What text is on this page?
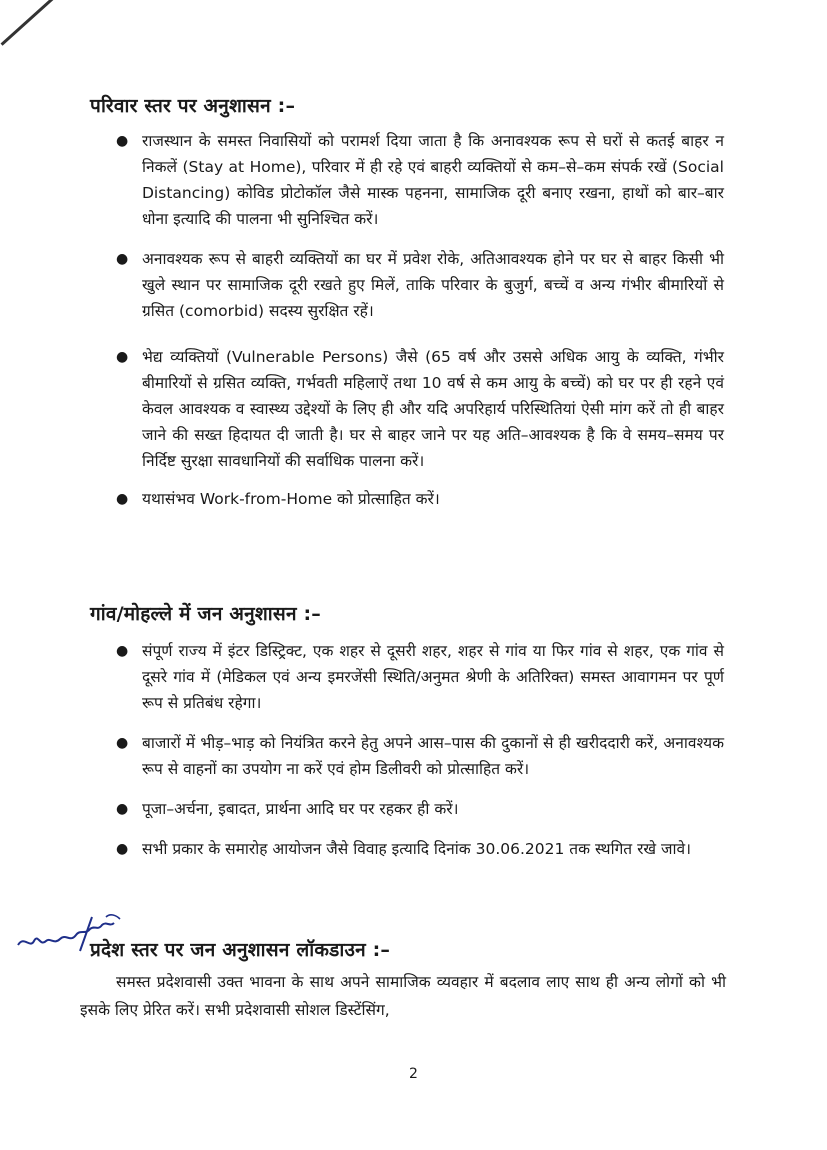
परिवार स्तर पर अनुशासन :–
● राजस्थान के समस्त निवासियों को परामर्श दिया जाता है कि अनावश्यक रूप से घरों से कतई बाहर न निकलें (Stay at Home), परिवार में ही रहे एवं बाहरी व्यक्तियों से कम–से–कम संपर्क रखें (Social Distancing) कोविड प्रोटोकॉल जैसे मास्क पहनना, सामाजिक दूरी बनाए रखना, हाथों को बार–बार धोना इत्यादि की पालना भी सुनिश्चित करें।
● अनावश्यक रूप से बाहरी व्यक्तियों का घर में प्रवेश रोके, अतिआवश्यक होने पर घर से बाहर किसी भी खुले स्थान पर सामाजिक दूरी रखते हुए मिलें, ताकि परिवार के बुजुर्ग, बच्चें व अन्य गंभीर बीमारियों से ग्रसित (comorbid) सदस्य सुरक्षित रहें।
● भेद्य व्यक्तियों (Vulnerable Persons) जैसे (65 वर्ष और उससे अधिक आयु के व्यक्ति, गंभीर बीमारियों से ग्रसित व्यक्ति, गर्भवती महिलाऐं तथा 10 वर्ष से कम आयु के बच्चें) को घर पर ही रहने एवं केवल आवश्यक व स्वास्थ्य उद्देश्यों के लिए ही और यदि अपरिहार्य परिस्थितियां ऐसी मांग करें तो ही बाहर जाने की सख्त हिदायत दी जाती है। घर से बाहर जाने पर यह अति–आवश्यक है कि वे समय–समय पर निर्दिष्ट सुरक्षा सावधानियों की सर्वाधिक पालना करें।
● यथासंभव Work-from-Home को प्रोत्साहित करें।
गांव/मोहल्ले में जन अनुशासन :–
● संपूर्ण राज्य में इंटर डिस्ट्रिक्ट, एक शहर से दूसरी शहर, शहर से गांव या फिर गांव से शहर, एक गांव से दूसरे गांव में (मेडिकल एवं अन्य इमरजेंसी स्थिति/अनुमत श्रेणी के अतिरिक्त) समस्त आवागमन पर पूर्ण रूप से प्रतिबंध रहेगा।
● बाजारों में भीड़–भाड़ को नियंत्रित करने हेतु अपने आस–पास की दुकानों से ही खरीददारी करें, अनावश्यक रूप से वाहनों का उपयोग ना करें एवं होम डिलीवरी को प्रोत्साहित करें।
● पूजा–अर्चना, इबादत, प्रार्थना आदि घर पर रहकर ही करें।
● सभी प्रकार के समारोह आयोजन जैसे विवाह इत्यादि दिनांक 30.06.2021 तक स्थगित रखे जावे।
प्रदेश स्तर पर जन अनुशासन लॉकडाउन :–

समस्त प्रदेशवासी उक्त भावना के साथ अपने सामाजिक व्यवहार में बदलाव लाए साथ ही अन्य लोगों को भी इसके लिए प्रेरित करें। सभी प्रदेशवासी सोशल डिस्टेंसिंग,

2
